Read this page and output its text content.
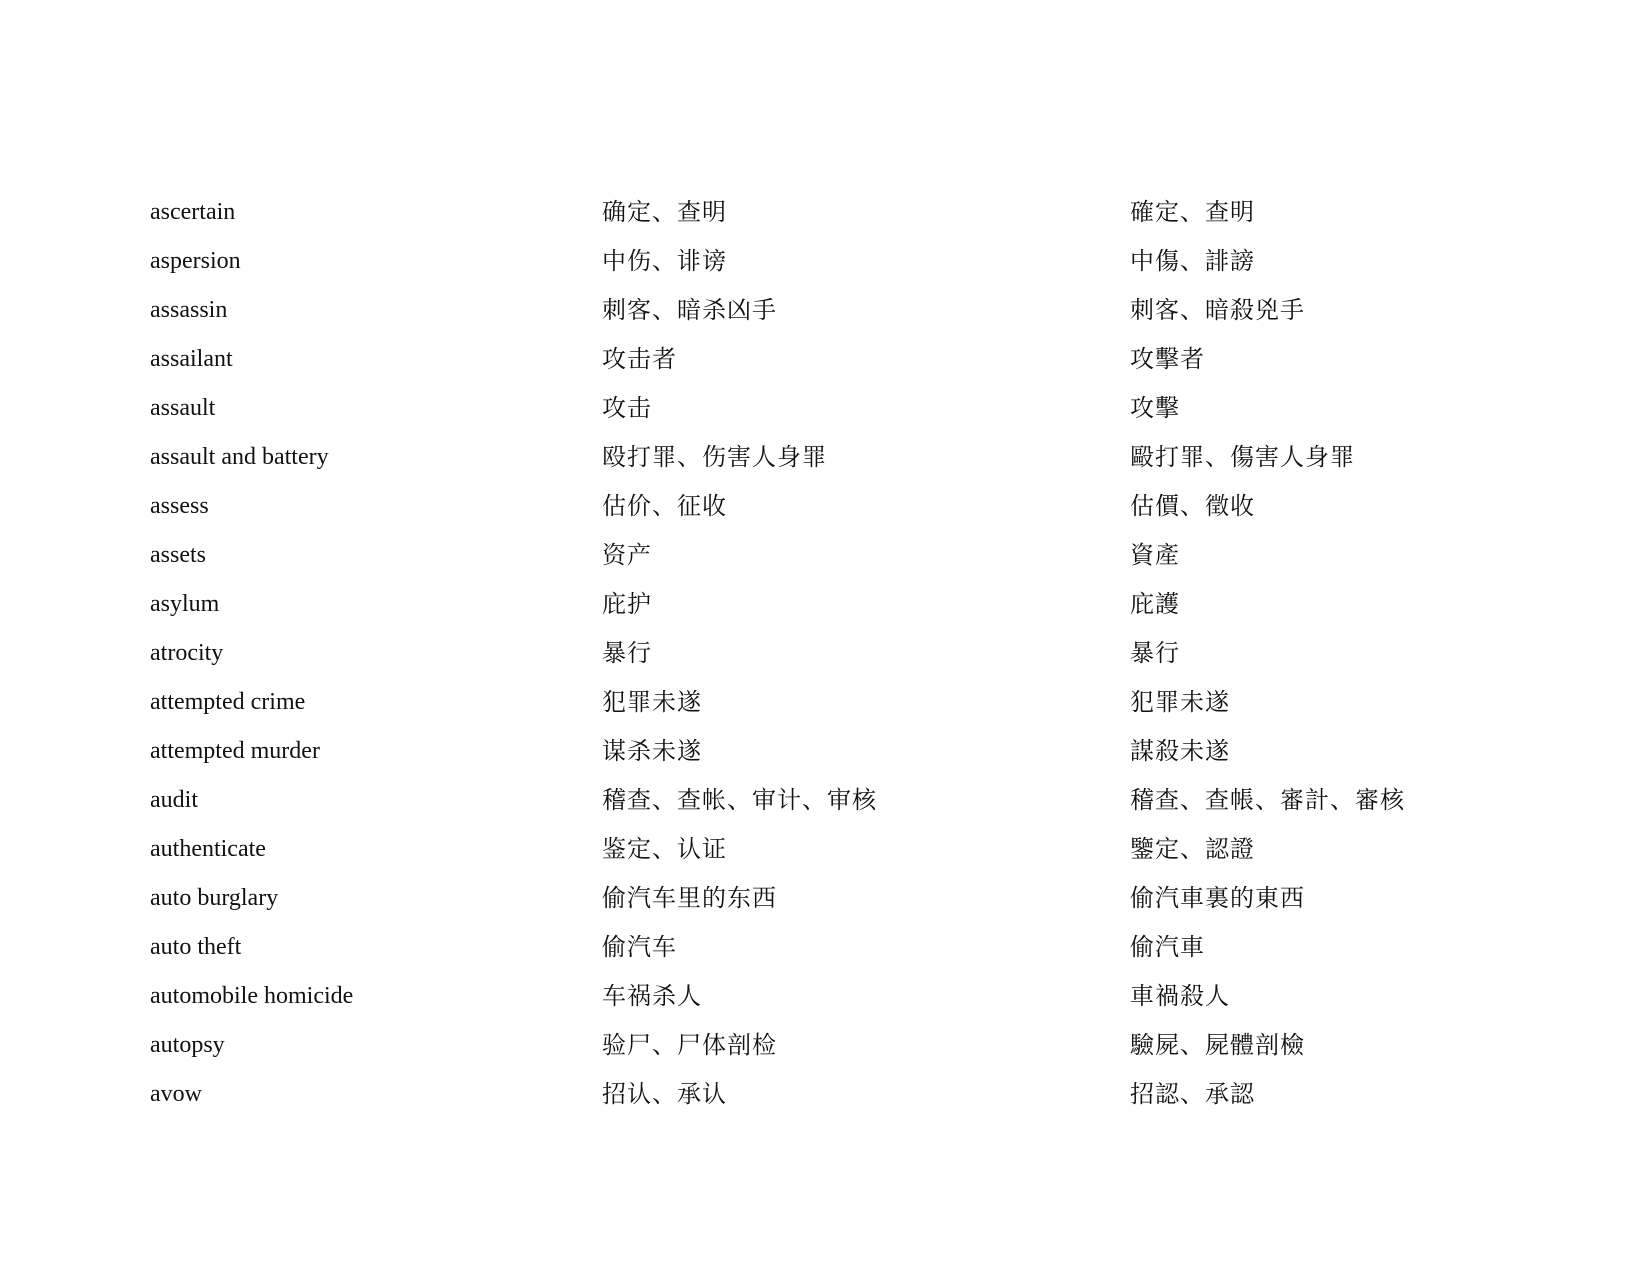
ascertain	确定、查明	確定、查明
aspersion	中伤、诽谤	中傷、誹謗
assassin	刺客、暗杀凶手	刺客、暗殺兇手
assailant	攻击者	攻擊者
assault	攻击	攻擊
assault and battery	殴打罪、伤害人身罪	毆打罪、傷害人身罪
assess	估价、征收	估價、徵收
assets	资产	資產
asylum	庇护	庇護
atrocity	暴行	暴行
attempted crime	犯罪未遂	犯罪未遂
attempted murder	谋杀未遂	謀殺未遂
audit	稽查、查帐、审计、审核	稽查、查帳、審計、審核
authenticate	鉴定、认证	鑒定、認證
auto burglary	偷汽车里的东西	偷汽車裏的東西
auto theft	偷汽车	偷汽車
automobile homicide	车祸杀人	車禍殺人
autopsy	验尸、尸体剖检	驗屍、屍體剖檢
avow	招认、承认	招認、承認
